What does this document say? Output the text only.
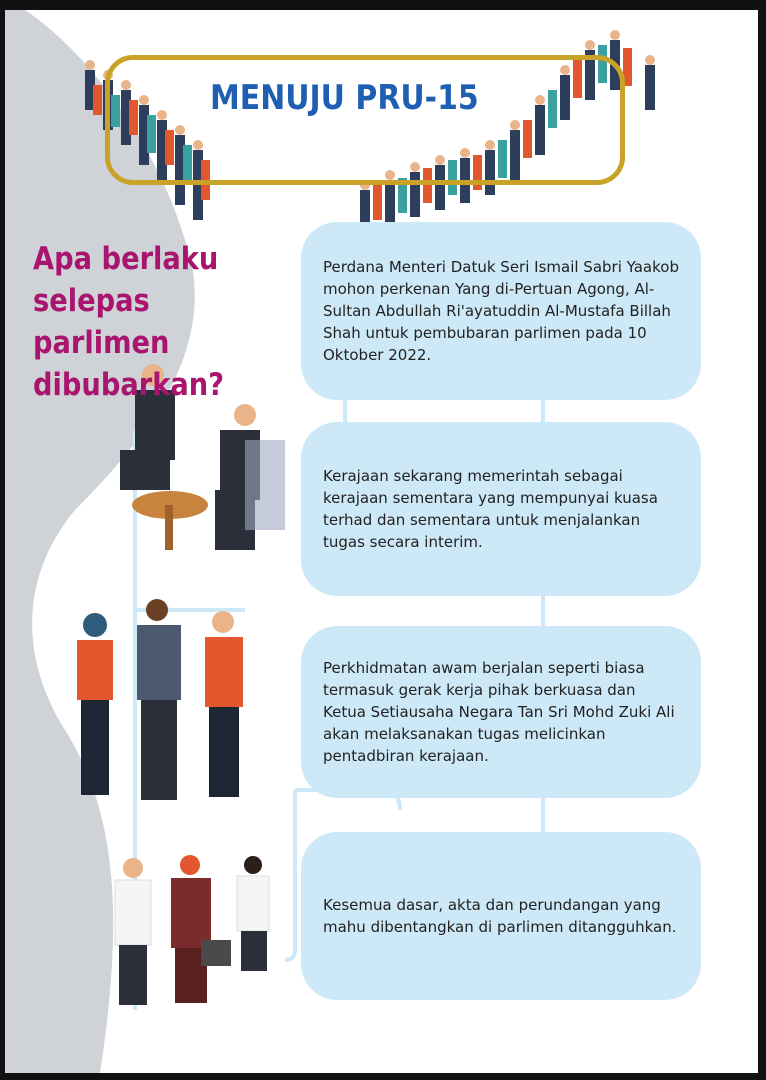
MENUJU PRU-15
Apa berlaku
selepas parlimen
dibubarkan?
Perdana Menteri Datuk Seri Ismail Sabri Yaakob mohon perkenan Yang di-Pertuan Agong, Al-Sultan Abdullah Ri'ayatuddin Al-Mustafa Billah Shah untuk pembubaran parlimen pada 10 Oktober 2022.
Kerajaan sekarang memerintah sebagai kerajaan sementara yang mempunyai kuasa terhad dan sementara untuk menjalankan tugas secara interim.
Perkhidmatan awam berjalan seperti biasa termasuk gerak kerja pihak berkuasa dan Ketua Setiausaha Negara Tan Sri Mohd Zuki Ali akan melaksanakan tugas melicinkan pentadbiran kerajaan.
Kesemua dasar, akta dan perundangan yang mahu dibentangkan di parlimen ditangguhkan.
